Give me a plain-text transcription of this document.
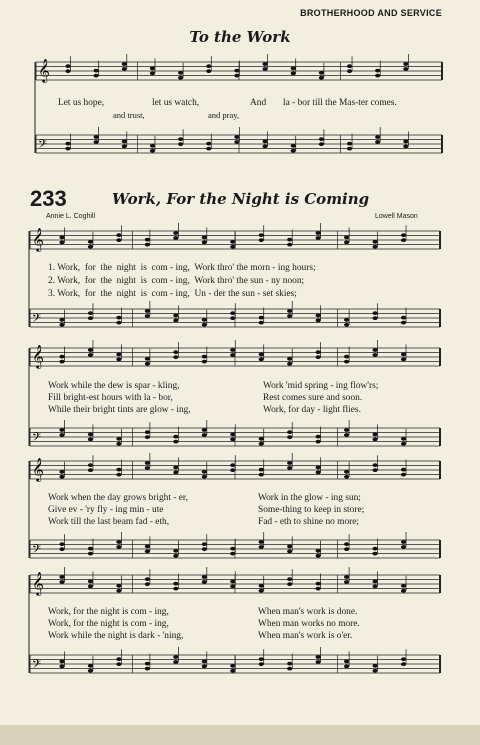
BROTHERHOOD AND SERVICE
To the Work
Let us hope,	let us watch,	And la - bor till the Mas-ter comes.
and trust,	and pray,
233	Work, For the Night is Coming
Annie L. Coghill	Lowell Mason
1. Work, for the night is com - ing, Work thro' the morn - ing hours;
2. Work, for the night is com - ing, Work thro' the sun - ny noon;
3. Work, for the night is com - ing, Un - der the sun - set skies;
Work while the dew is spar - kling,	Work 'mid spring - ing flow'rs;
Fill bright-est hours with la - bor,	Rest comes sure and soon.
While their bright tints are glow - ing,	Work, for day - light flies.
Work when the day grows bright - er,	Work in the glow - ing sun;
Give ev - 'ry fly - ing min - ute	Some-thing to keep in store;
Work till the last beam fad - eth,	Fad - eth to shine no more;
Work, for the night is com - ing,	When man's work is done.
Work, for the night is com - ing,	When man works no more.
Work while the night is dark - 'ning,	When man's work is o'er.
𝄞
𝄢
𝄞
𝄢
𝄞
𝄢
𝄞
𝄢
𝄞
𝄢
